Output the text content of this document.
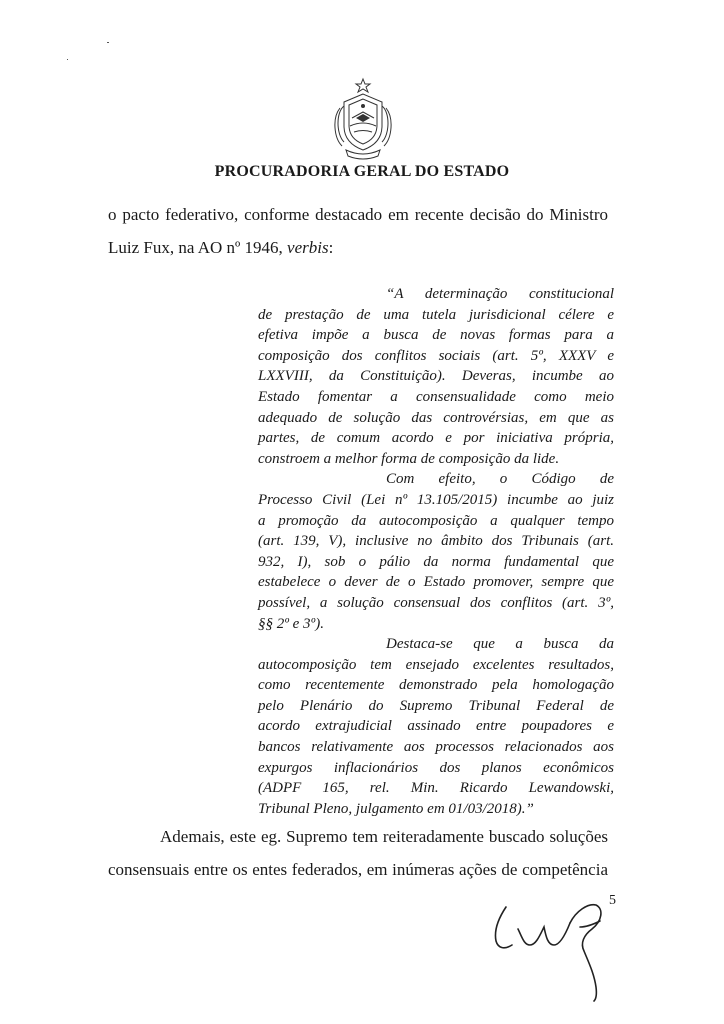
PROCURADORIA GERAL DO ESTADO
o pacto federativo, conforme destacado em recente decisão do Ministro
Luiz Fux, na AO nº 1946, verbis:
“A determinação constitucional
de prestação de uma tutela jurisdicional célere e
efetiva impõe a busca de novas formas para a
composição dos conflitos sociais (art. 5º, XXXV e
LXXVIII, da Constituição). Deveras, incumbe ao
Estado fomentar a consensualidade como meio
adequado de solução das controvérsias, em que as
partes, de comum acordo e por iniciativa própria,
constroem a melhor forma de composição da lide.
Com efeito, o Código de
Processo Civil (Lei nº 13.105/2015) incumbe ao juiz
a promoção da autocomposição a qualquer tempo
(art. 139, V), inclusive no âmbito dos Tribunais (art.
932, I), sob o pálio da norma fundamental que
estabelece o dever de o Estado promover, sempre que
possível, a solução consensual dos conflitos (art. 3º,
§§ 2º e 3º).
Destaca-se que a busca da
autocomposição tem ensejado excelentes resultados,
como recentemente demonstrado pela homologação
pelo Plenário do Supremo Tribunal Federal de
acordo extrajudicial assinado entre poupadores e
bancos relativamente aos processos relacionados aos
expurgos inflacionários dos planos econômicos
(ADPF 165, rel. Min. Ricardo Lewandowski,
Tribunal Pleno, julgamento em 01/03/2018).”
Ademais, este eg. Supremo tem reiteradamente buscado soluções
consensuais entre os entes federados, em inúmeras ações de competência
5
